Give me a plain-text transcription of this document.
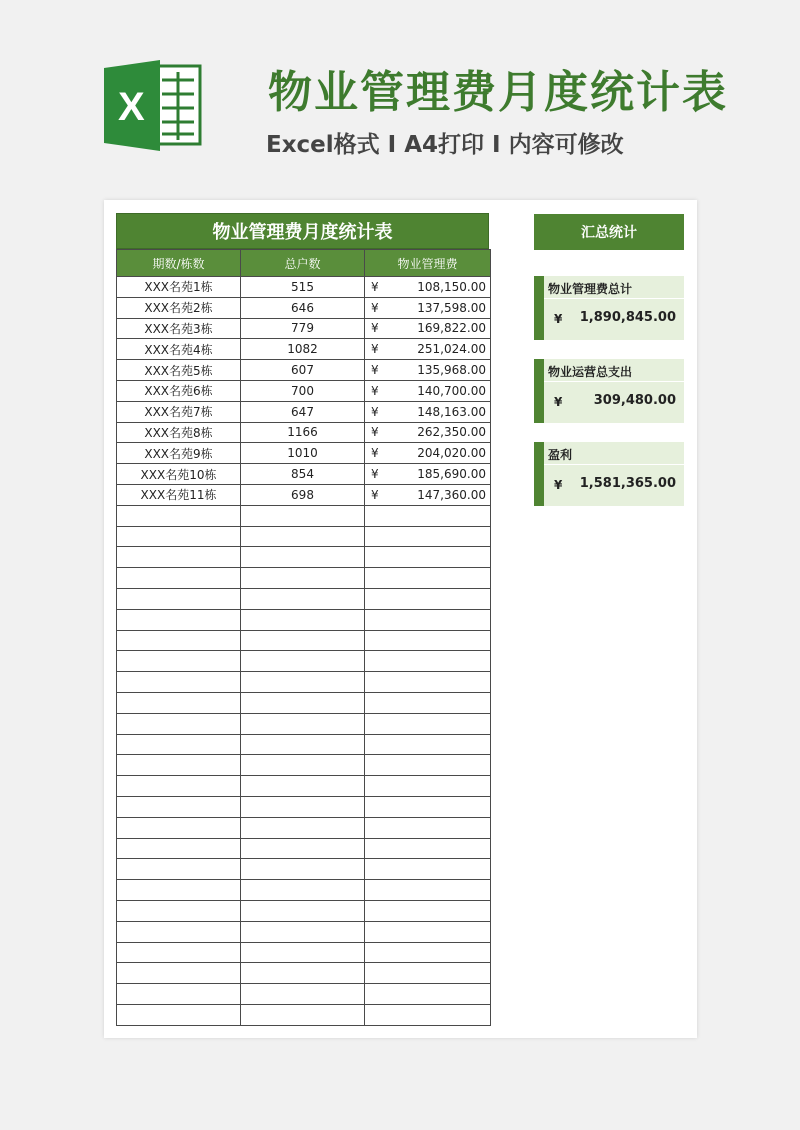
X	物业管理费月度统计表
Excel格式 I A4打印 I 内容可修改
物业管理费月度统计表
期数/栋数	总户数	物业管理费
XXX名苑1栋	515	¥ 108,150.00

XXX名苑2栋	646	¥ 137,598.00

XXX名苑3栋	779	¥ 169,822.00

XXX名苑4栋	1082	¥ 251,024.00

XXX名苑5栋	607	¥ 135,968.00

XXX名苑6栋	700	¥ 140,700.00

XXX名苑7栋	647	¥ 148,163.00

XXX名苑8栋	1166	¥ 262,350.00

XXX名苑9栋	1010	¥ 204,020.00

XXX名苑10栋	854	¥ 185,690.00

XXX名苑11栋	698	¥ 147,360.00

汇总统计
物业管理费总计
¥ 1,890,845.00
物业运营总支出
¥ 309,480.00
盈利
¥ 1,581,365.00
